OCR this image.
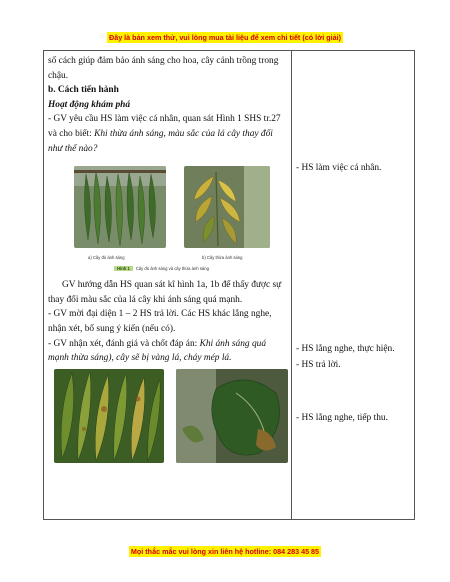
Đây là bản xem thử, vui lòng mua tài liệu để xem chi tiết (có lời giải)

số cách giúp đảm bảo ánh sáng cho hoa, cây cảnh trồng trong chậu.

b. Cách tiến hành

Hoạt động khám phá

- GV yêu cầu HS làm việc cá nhân, quan sát Hình 1 SHS tr.27 và cho biết: Khi thừa ánh sáng, màu sắc của lá cây thay đổi như thế nào?

a) Cây đủ ánh sáng	b) Cây thừa ánh sáng
Hình 1 Cây đủ ánh sáng và cây thừa ánh sáng

GV hướng dẫn HS quan sát kĩ hình 1a, 1b để thấy được sự thay đổi màu sắc của lá cây khi ánh sáng quá mạnh.

- GV mời đại diện 1 – 2 HS trả lời. Các HS khác lắng nghe, nhận xét, bổ sung ý kiến (nếu có).

- GV nhận xét, đánh giá và chốt đáp án: Khi ánh sáng quá mạnh thừa sáng), cây sẽ bị vàng lá, cháy mép lá.

- HS làm việc cá nhân.

- HS lắng nghe, thực hiện.

- HS trả lời.

- HS lắng nghe, tiếp thu.

Mọi thắc mắc vui lòng xin liên hệ hotline: 084 283 45 85
